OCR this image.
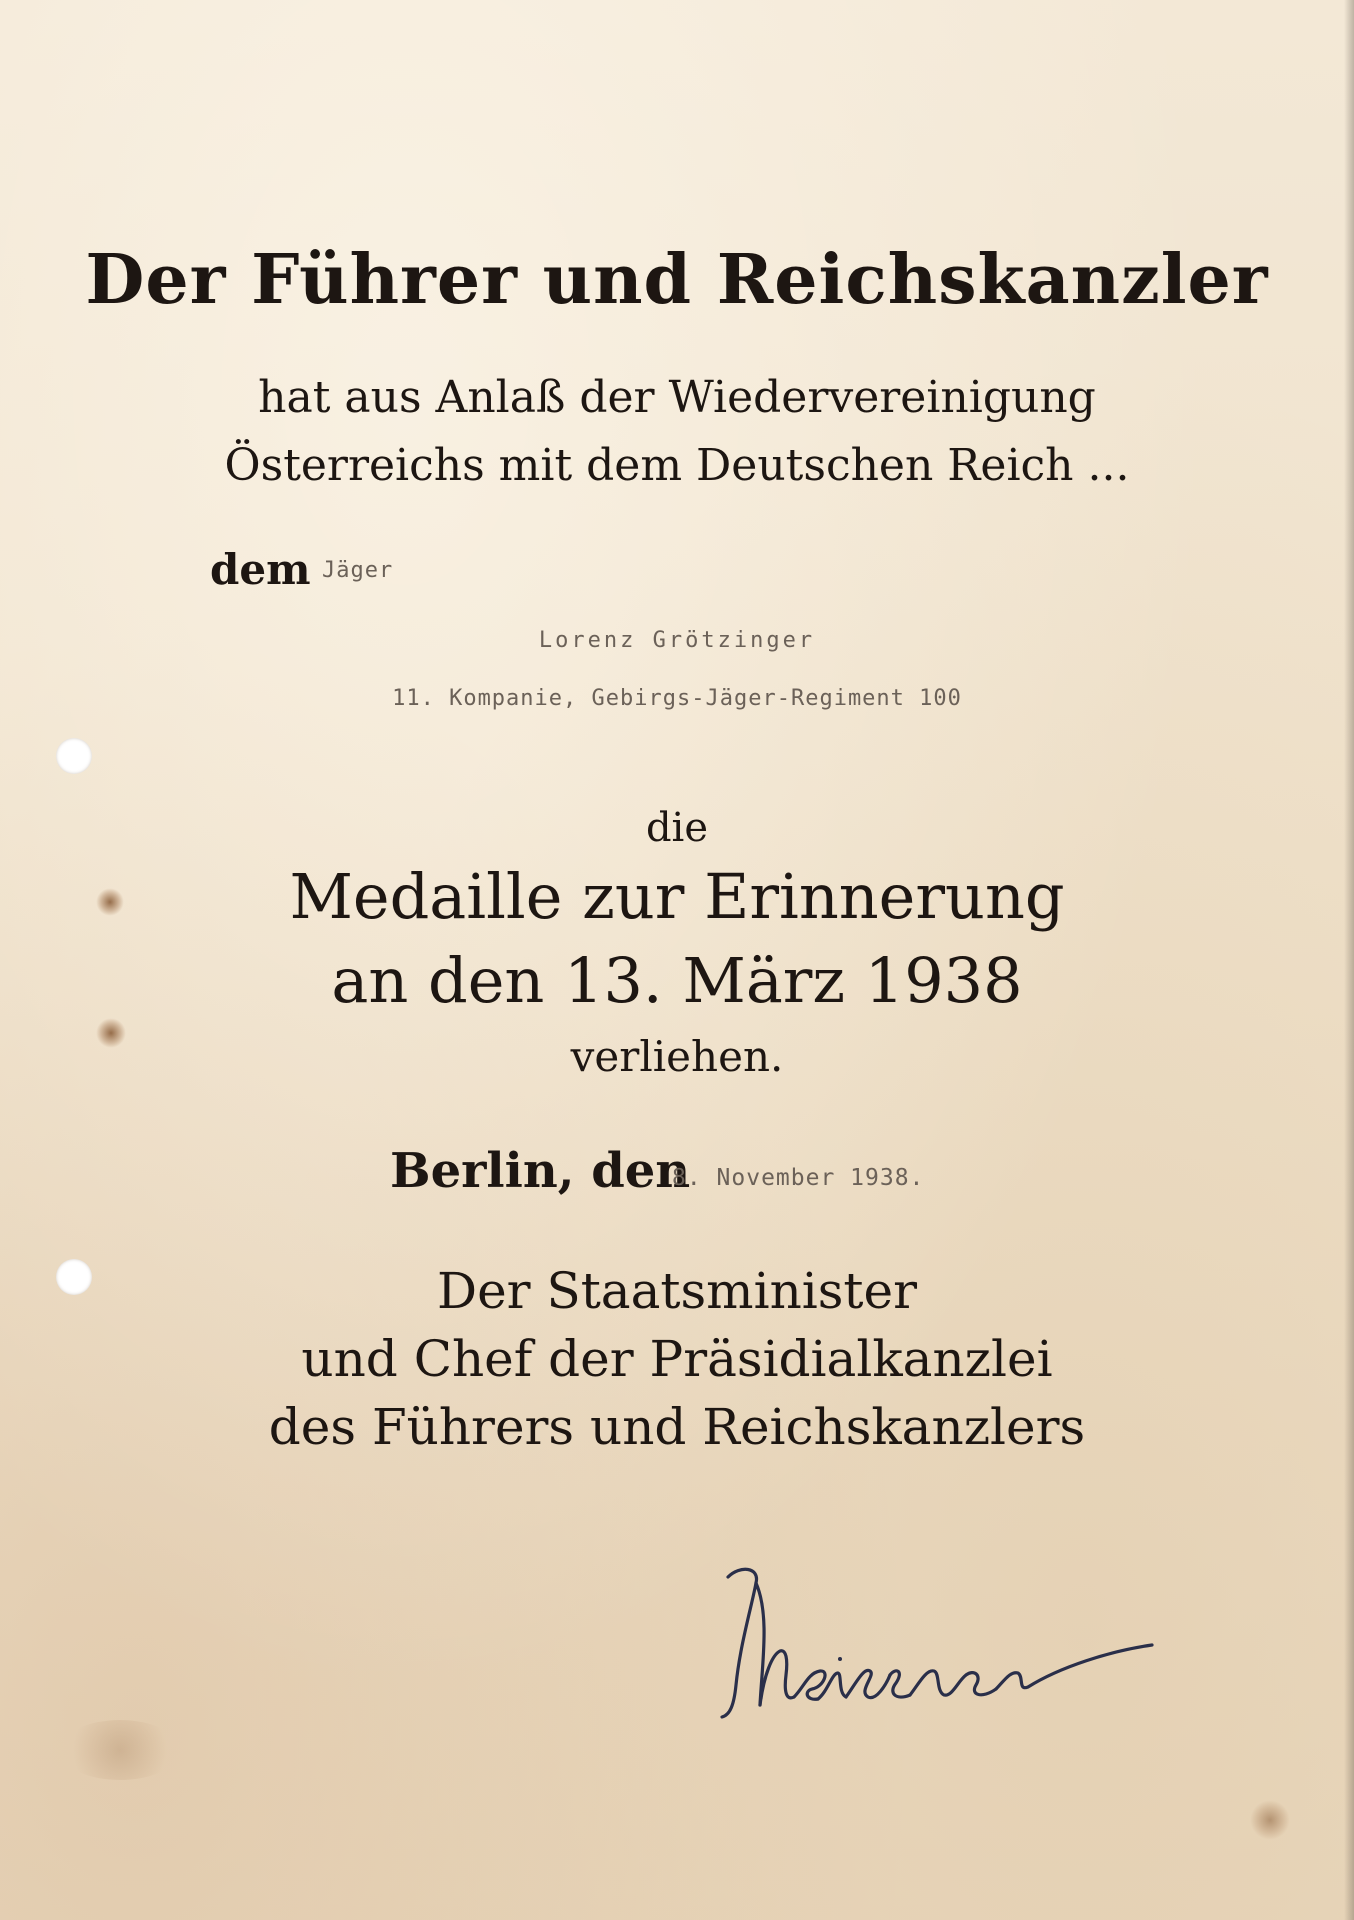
Der Führer und Reichskanzler
hat aus Anlaß der Wiedervereinigung
Österreichs mit dem Deutschen Reich ...
dem Jäger
Lorenz Grötzinger
11. Kompanie, Gebirgs-Jäger-Regiment 100
die
Medaille zur Erinnerung
an den 13. März 1938
verliehen.
Berlin, den
8. November 1938.
Der Staatsminister
und Chef der Präsidialkanzlei
des Führers und Reichskanzlers
